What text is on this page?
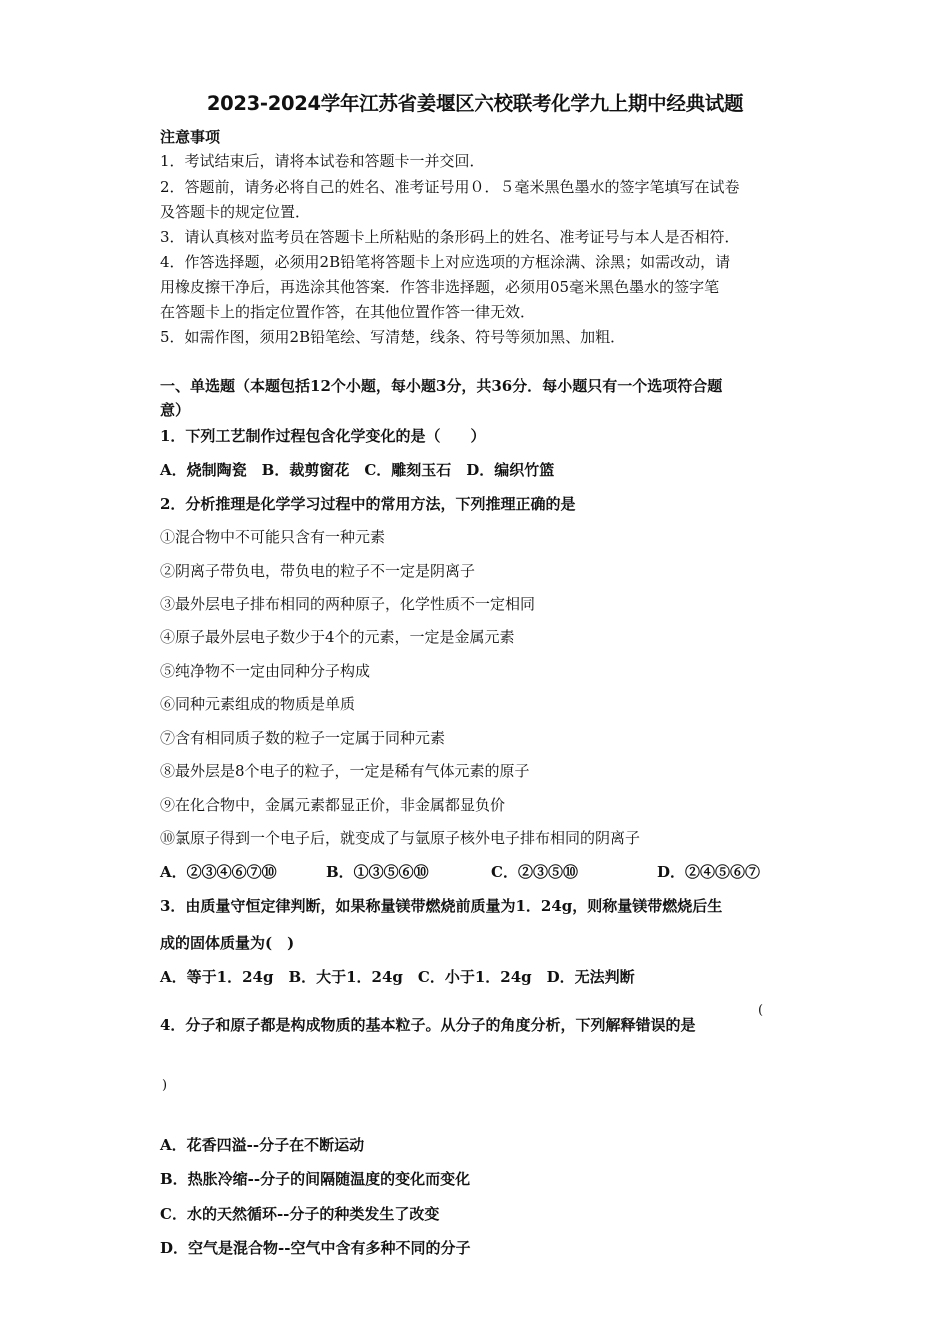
2023-2024学年江苏省姜堰区六校联考化学九上期中经典试题
注意事项
1．考试结束后，请将本试卷和答题卡一并交回．
2．答题前，请务必将自己的姓名、准考证号用０．５毫米黑色墨水的签字笔填写在试卷
及答题卡的规定位置．
3．请认真核对监考员在答题卡上所粘贴的条形码上的姓名、准考证号与本人是否相符．
4．作答选择题，必须用2B铅笔将答题卡上对应选项的方框涂满、涂黑；如需改动，请
用橡皮擦干净后，再选涂其他答案．作答非选择题，必须用05毫米黑色墨水的签字笔
在答题卡上的指定位置作答，在其他位置作答一律无效．
5．如需作图，须用2B铅笔绘、写清楚，线条、符号等须加黑、加粗．
一、单选题（本题包括12个小题，每小题3分，共36分．每小题只有一个选项符合题
意）
1．下列工艺制作过程包含化学变化的是（　　）
A．烧制陶瓷　B．裁剪窗花　C．雕刻玉石　D．编织竹篮
2．分析推理是化学学习过程中的常用方法，下列推理正确的是
①混合物中不可能只含有一种元素
②阴离子带负电，带负电的粒子不一定是阴离子
③最外层电子排布相同的两种原子，化学性质不一定相同
④原子最外层电子数少于4个的元素，一定是金属元素
⑤纯净物不一定由同种分子构成
⑥同种元素组成的物质是单质
⑦含有相同质子数的粒子一定属于同种元素
⑧最外层是8个电子的粒子，一定是稀有气体元素的原子
⑨在化合物中，金属元素都显正价，非金属都显负价
⑩氯原子得到一个电子后，就变成了与氩原子核外电子排布相同的阴离子
A．②③④⑥⑦⑩	B．①③⑤⑥⑩	C．②③⑤⑩	D．②④⑤⑥⑦
3．由质量守恒定律判断，如果称量镁带燃烧前质量为1．24g，则称量镁带燃烧后生
成的固体质量为(　)
A．等于1．24g　B．大于1．24g　C．小于1．24g　D．无法判断
4．分子和原子都是构成物质的基本粒子。从分子的角度分析，下列解释错误的是
(
)
A．花香四溢--分子在不断运动
B．热胀冷缩--分子的间隔随温度的变化而变化
C．水的天然循环--分子的种类发生了改变
D．空气是混合物--空气中含有多种不同的分子
